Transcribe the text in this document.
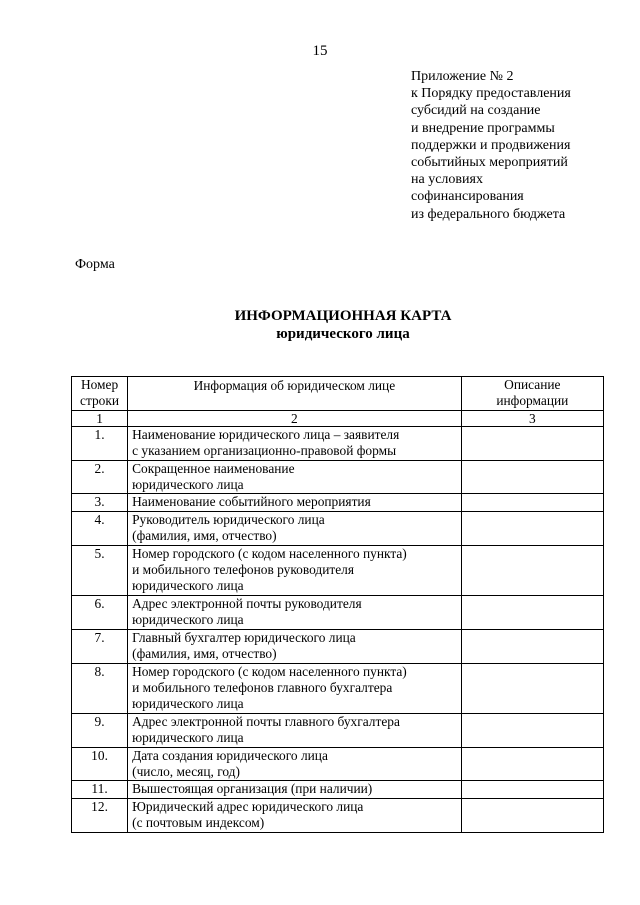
15
Приложение № 2
к Порядку предоставления
субсидий на создание
и внедрение программы
поддержки и продвижения
событийных мероприятий
на условиях
софинансирования
из федерального бюджета
Форма
ИНФОРМАЦИОННАЯ КАРТА
юридического лица
Номер
строки	Информация об юридическом лице	Описание
информации

1	2	3
1.	Наименование юридического лица – заявителя
с указанием организационно-правовой формы	

2.	Сокращенное наименование
юридического лица	

3.	Наименование событийного мероприятия	

4.	Руководитель юридического лица
(фамилия, имя, отчество)	

5.	Номер городского (с кодом населенного пункта)
и мобильного телефонов руководителя
юридического лица	

6.	Адрес электронной почты руководителя
юридического лица	

7.	Главный бухгалтер юридического лица
(фамилия, имя, отчество)	

8.	Номер городского (с кодом населенного пункта)
и мобильного телефонов главного бухгалтера
юридического лица	

9.	Адрес электронной почты главного бухгалтера
юридического лица	

10.	Дата создания юридического лица
(число, месяц, год)	

11.	Вышестоящая организация (при наличии)	

12.	Юридический адрес юридического лица
(с почтовым индексом)	
